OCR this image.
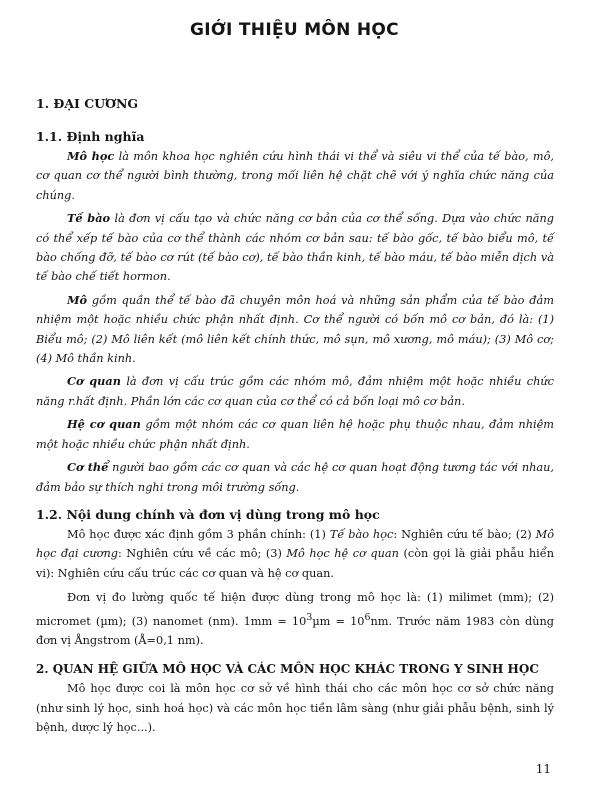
GIỚI THIỆU MÔN HỌC
1. ĐẠI CƯƠNG
1.1. Định nghĩa

Mô học là môn khoa học nghiên cứu hình thái vi thể và siêu vi thể của tế bào, mô, cơ quan cơ thể người bình thường, trong mối liên hệ chặt chẽ với ý nghĩa chức năng của chúng.

Tế bào là đơn vị cấu tạo và chức năng cơ bản của cơ thể sống. Dựa vào chức năng có thể xếp tế bào của cơ thể thành các nhóm cơ bản sau: tế bào gốc, tế bào biểu mô, tế bào chống đỡ, tế bào cơ rút (tế bào cơ), tế bào thần kinh, tế bào máu, tế bào miễn dịch và tế bào chế tiết hormon.

Mô gồm quần thể tế bào đã chuyên môn hoá và những sản phẩm của tế bào đảm nhiệm một hoặc nhiều chức phận nhất định. Cơ thể người có bốn mô cơ bản, đó là: (1) Biểu mô; (2) Mô liên kết (mô liên kết chính thức, mô sụn, mô xương, mô máu); (3) Mô cơ; (4) Mô thần kinh.

Cơ quan là đơn vị cấu trúc gồm các nhóm mô, đảm nhiệm một hoặc nhiều chức năng r.hất định. Phần lớn các cơ quan của cơ thể có cả bốn loại mô cơ bản.

Hệ cơ quan gồm một nhóm các cơ quan liên hệ hoặc phụ thuộc nhau, đảm nhiệm một hoặc nhiều chức phận nhất định.

Cơ thể người bao gồm các cơ quan và các hệ cơ quan hoạt động tương tác với nhau, đảm bảo sự thích nghi trong môi trường sống.

1.2. Nội dung chính và đơn vị dùng trong mô học

Mô học được xác định gồm 3 phần chính: (1) Tế bào học: Nghiên cứu tế bào; (2) Mô học đại cương: Nghiên cứu về các mô; (3) Mô học hệ cơ quan (còn gọi là giải phẫu hiển vi): Nghiên cứu cấu trúc các cơ quan và hệ cơ quan.

Đơn vị đo lường quốc tế hiện được dùng trong mô học là: (1) milimet (mm); (2) micromet (µm); (3) nanomet (nm). $1mm = 10^3\mu m = 10^6nm$. Trước năm 1983 còn dùng đơn vị Ångstrom (Å=0,1 nm).

2. QUAN HỆ GIỮA MÔ HỌC VÀ CÁC MÔN HỌC KHÁC TRONG Y SINH HỌC

Mô học được coi là môn học cơ sở về hình thái cho các môn học cơ sở chức năng (như sinh lý học, sinh hoá học) và các môn học tiền lâm sàng (như giải phẫu bệnh, sinh lý bệnh, dược lý học...).

11
